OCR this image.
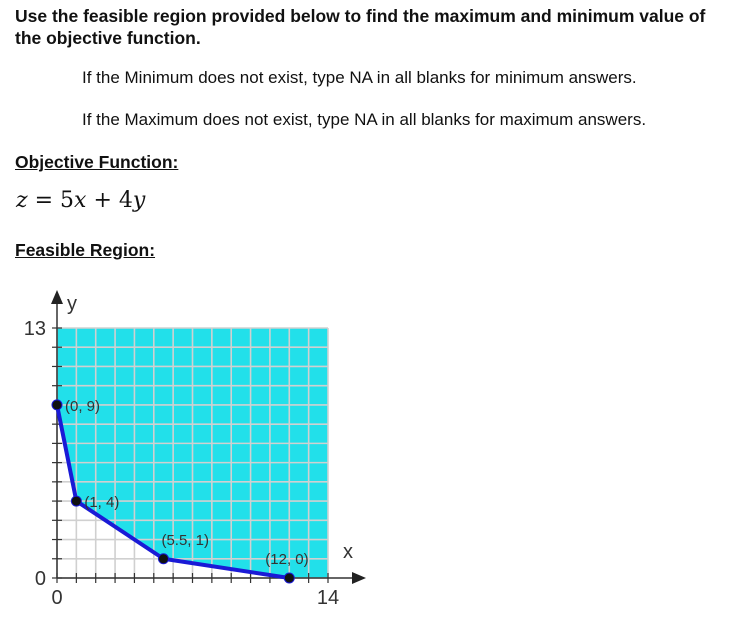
Use the feasible region provided below to find the maximum and minimum value of the objective function.
If the Minimum does not exist, type NA in all blanks for minimum answers.
If the Maximum does not exist, type NA in all blanks for maximum answers.
Objective Function:
z = 5x + 4y
Feasible Region:
0	14
0
13
x
y
(0, 9)
(1, 4)
(5.5, 1)
(12, 0)
